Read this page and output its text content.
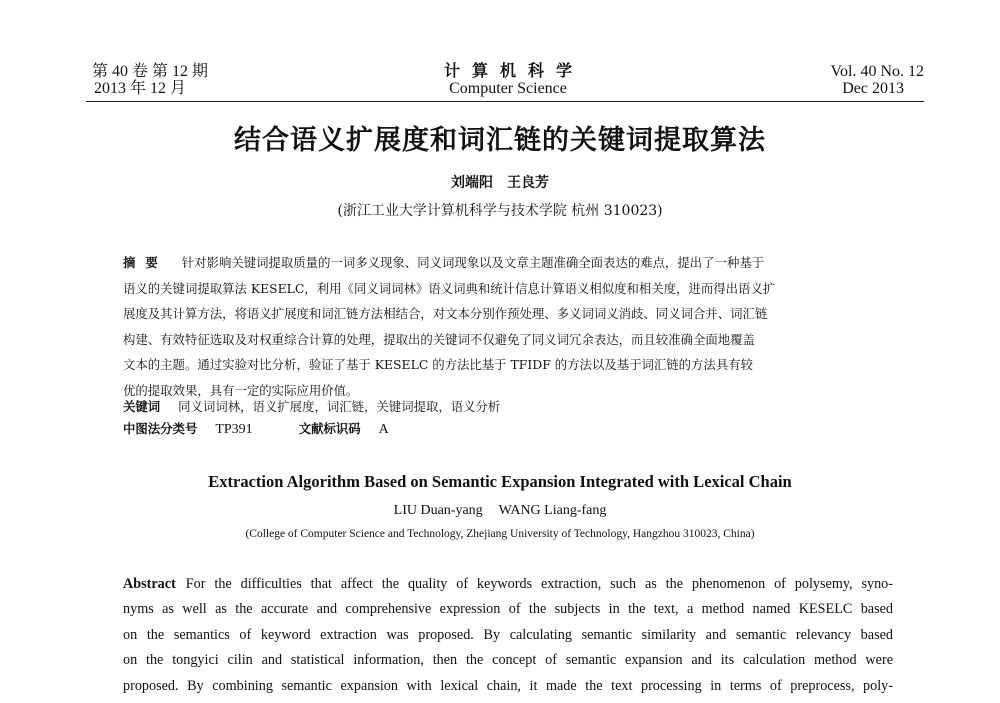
第 40 卷 第 12 期
2013 年 12 月
计算机科学
Computer Science
Vol. 40 No. 12
Dec 2013
结合语义扩展度和词汇链的关键词提取算法
刘端阳 王良芳
(浙江工业大学计算机科学与技术学院 杭州 310023)
摘要 针对影响关键词提取质量的一词多义现象、同义词现象以及文章主题准确全面表达的难点，提出了一种基于
语义的关键词提取算法 KESELC，利用《同义词词林》语义词典和统计信息计算语义相似度和相关度，进而得出语义扩
展度及其计算方法，将语义扩展度和词汇链方法相结合，对文本分别作预处理、多义词词义消歧、同义词合并、词汇链
构建、有效特征选取及对权重综合计算的处理，提取出的关键词不仅避免了同义词冗余表达，而且较准确全面地覆盖
文本的主题。通过实验对比分析，验证了基于 KESELC 的方法比基于 TFIDF 的方法以及基于词汇链的方法具有较
优的提取效果，具有一定的实际应用价值。
关键词 同义词词林，语义扩展度，词汇链，关键词提取，语义分析
中图法分类号 TP391	文献标识码 A
Extraction Algorithm Based on Semantic Expansion Integrated with Lexical Chain
LIU Duan-yang WANG Liang-fang
(College of Computer Science and Technology, Zhejiang University of Technology, Hangzhou 310023, China)
Abstract For the difficulties that affect the quality of keywords extraction, such as the phenomenon of polysemy, syno-
nyms as well as the accurate and comprehensive expression of the subjects in the text, a method named KESELC based
on the semantics of keyword extraction was proposed. By calculating semantic similarity and semantic relevancy based
on the tongyici cilin and statistical information, then the concept of semantic expansion and its calculation method were
proposed. By combining semantic expansion with lexical chain, it made the text processing in terms of preprocess, poly-
